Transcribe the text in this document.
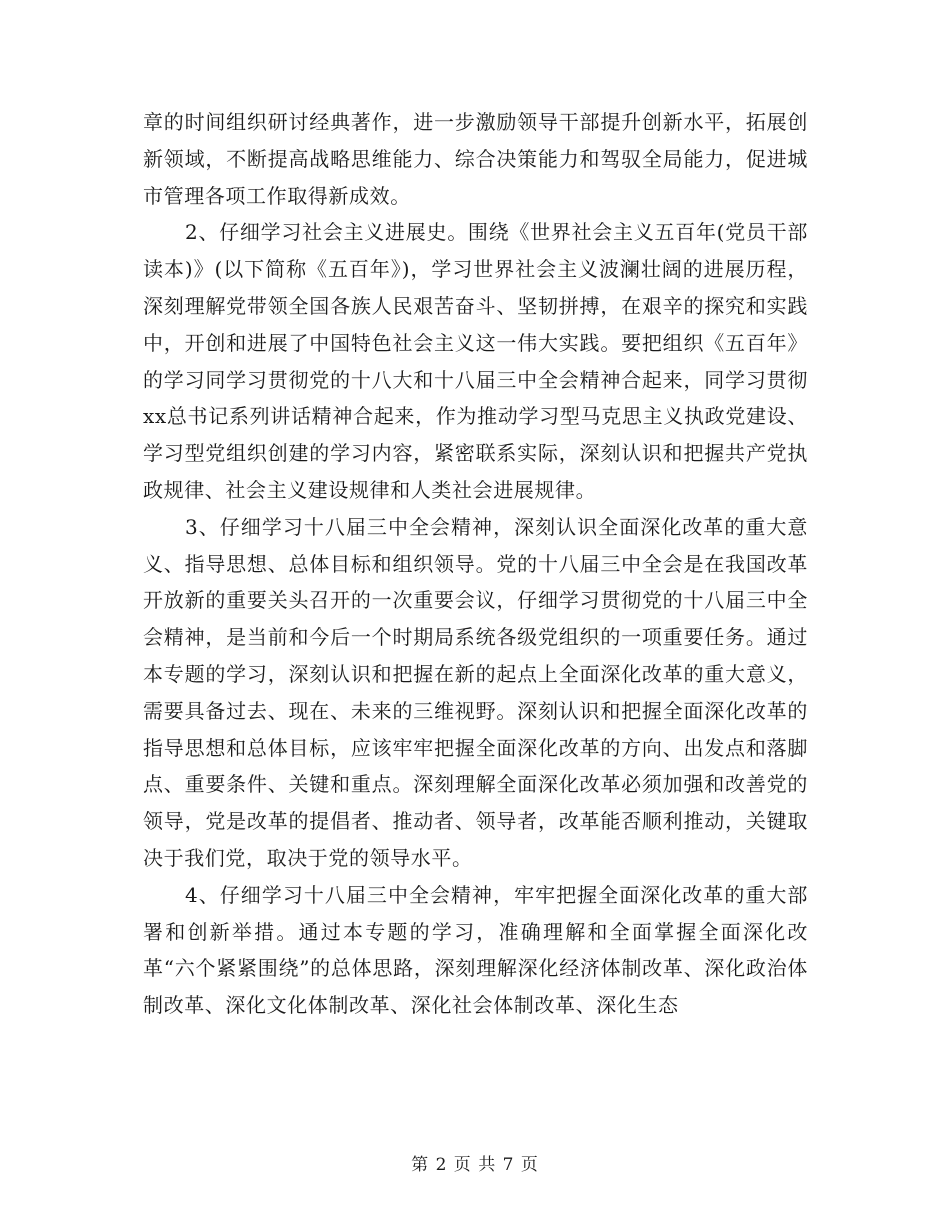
章的时间组织研讨经典著作，进一步激励领导干部提升创新水平，拓展创新领域，不断提高战略思维能力、综合决策能力和驾驭全局能力，促进城市管理各项工作取得新成效。

2、仔细学习社会主义进展史。围绕《世界社会主义五百年(党员干部读本)》(以下简称《五百年》)，学习世界社会主义波澜壮阔的进展历程，深刻理解党带领全国各族人民艰苦奋斗、坚韧拼搏，在艰辛的探究和实践中，开创和进展了中国特色社会主义这一伟大实践。要把组织《五百年》的学习同学习贯彻党的十八大和十八届三中全会精神合起来，同学习贯彻xx总书记系列讲话精神合起来，作为推动学习型马克思主义执政党建设、学习型党组织创建的学习内容，紧密联系实际，深刻认识和把握共产党执政规律、社会主义建设规律和人类社会进展规律。

3、仔细学习十八届三中全会精神，深刻认识全面深化改革的重大意义、指导思想、总体目标和组织领导。党的十八届三中全会是在我国改革开放新的重要关头召开的一次重要会议，仔细学习贯彻党的十八届三中全会精神，是当前和今后一个时期局系统各级党组织的一项重要任务。通过本专题的学习，深刻认识和把握在新的起点上全面深化改革的重大意义，需要具备过去、现在、未来的三维视野。深刻认识和把握全面深化改革的指导思想和总体目标，应该牢牢把握全面深化改革的方向、出发点和落脚点、重要条件、关键和重点。深刻理解全面深化改革必须加强和改善党的领导，党是改革的提倡者、推动者、领导者，改革能否顺利推动，关键取决于我们党，取决于党的领导水平。

4、仔细学习十八届三中全会精神，牢牢把握全面深化改革的重大部署和创新举措。通过本专题的学习，准确理解和全面掌握全面深化改革“六个紧紧围绕”的总体思路，深刻理解深化经济体制改革、深化政治体制改革、深化文化体制改革、深化社会体制改革、深化生态

第 2 页 共 7 页
